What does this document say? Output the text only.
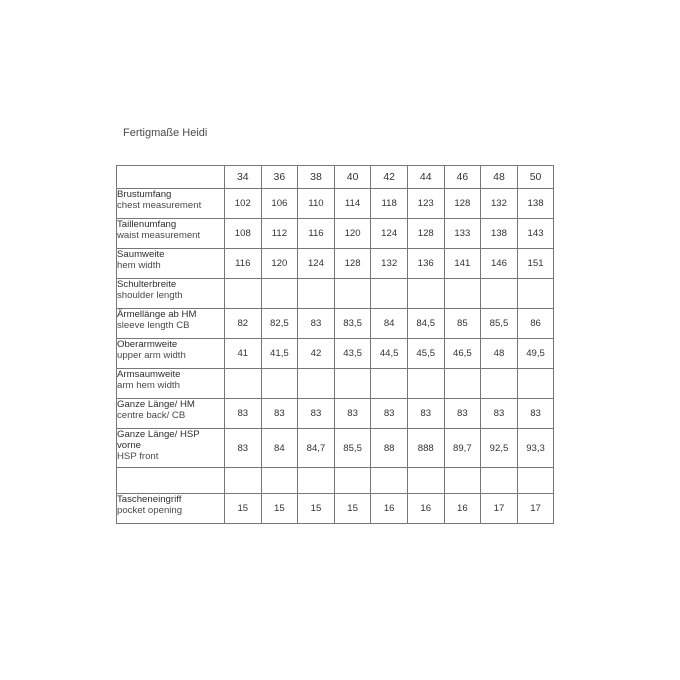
Fertigmaße Heidi
	34	36	38	40	42	44	46	48	50

Brustumfang
chest measurement	102	106	110	114	118	123	128	132	138

Taillenumfang
waist measurement	108	112	116	120	124	128	133	138	143

Saumweite
hem width	116	120	124	128	132	136	141	146	151

Schulterbreite
shoulder length									

Ärmellänge ab HM
sleeve length CB	82	82,5	83	83,5	84	84,5	85	85,5	86

Oberarmweite
upper arm width	41	41,5	42	43,5	44,5	45,5	46,5	48	49,5

Armsaumweite
arm hem width									

Ganze Länge/ HM
centre back/ CB	83	83	83	83	83	83	83	83	83

Ganze Länge/ HSP vorne
HSP front	83	84	84,7	85,5	88	888	89,7	92,5	93,3

Tascheneingriff
pocket opening	15	15	15	15	16	16	16	17	17
